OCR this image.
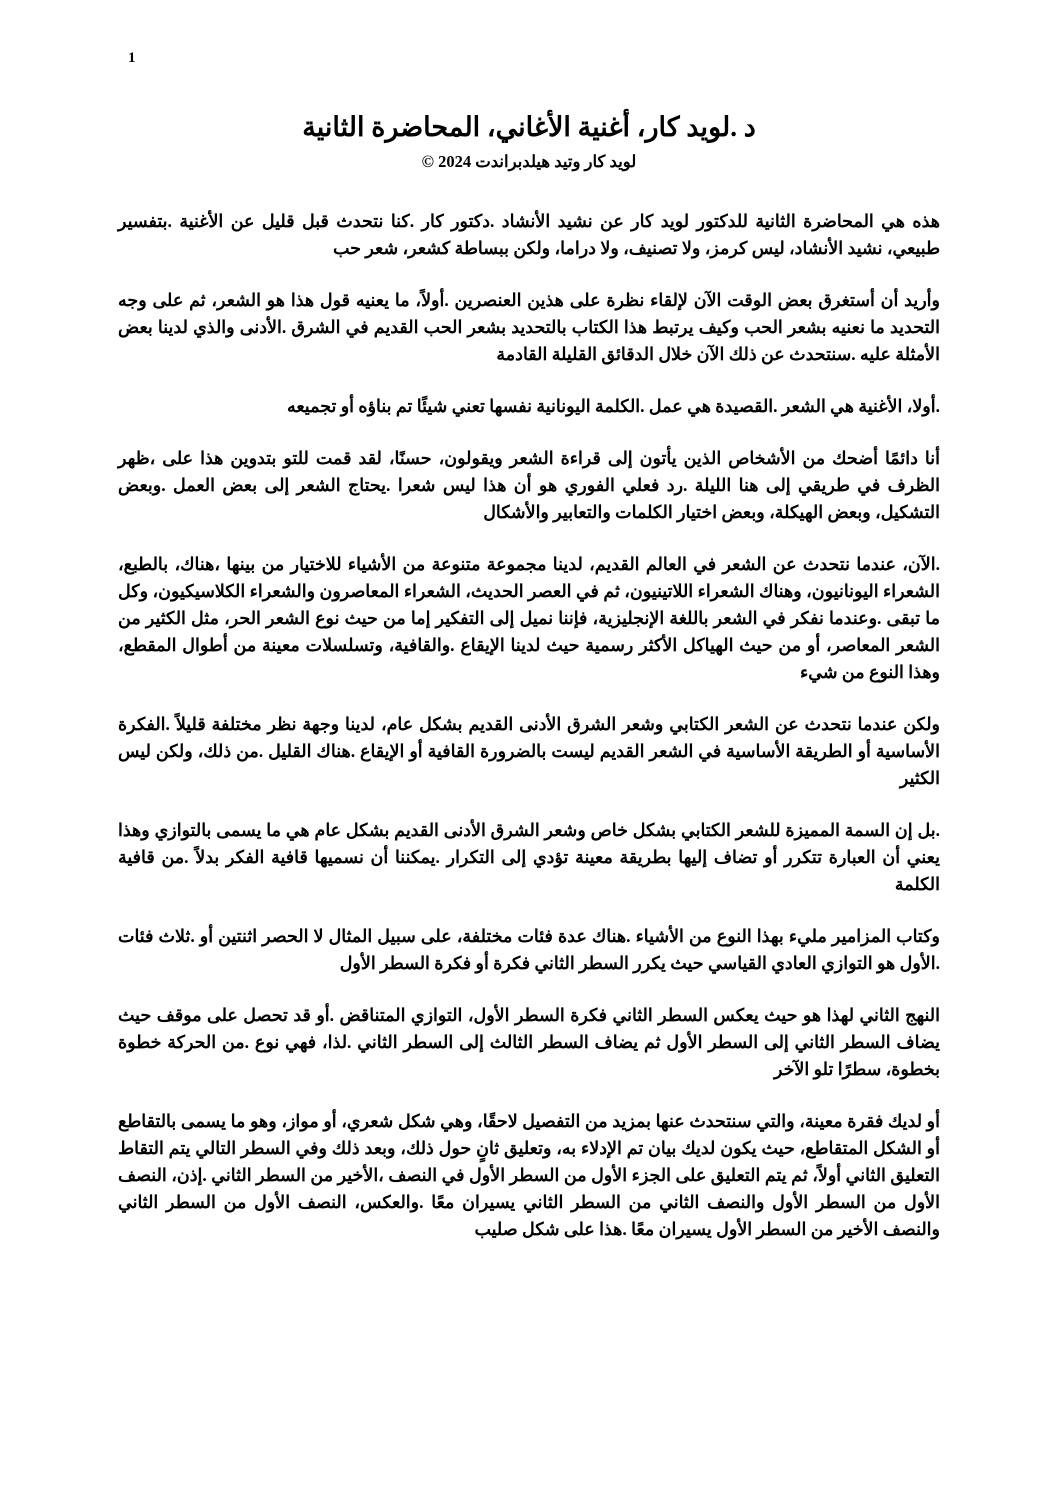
1
د .لويد كار، أغنية الأغاني، المحاضرة الثانية
لويد كار وتيد هيلدبراندت 2024 ©

هذه هي المحاضرة الثانية للدكتور لويد كار عن نشيد الأنشاد .دكتور كار .كنا نتحدث قبل قليل عن الأغنية .بتفسير طبيعي، نشيد الأنشاد، ليس كرمز، ولا تصنيف، ولا دراما، ولكن ببساطة كشعر، شعر حب

وأريد أن أستغرق بعض الوقت الآن لإلقاء نظرة على هذين العنصرين .أولاً، ما يعنيه قول هذا هو الشعر، ثم على وجه التحديد ما نعنيه بشعر الحب وكيف يرتبط هذا الكتاب بالتحديد بشعر الحب القديم في الشرق .الأدنى والذي لدينا بعض الأمثلة عليه .سنتحدث عن ذلك الآن خلال الدقائق القليلة القادمة

.أولا، الأغنية هي الشعر .القصيدة هي عمل .الكلمة اليونانية نفسها تعني شيئًا تم بناؤه أو تجميعه

أنا دائمًا أضحك من الأشخاص الذين يأتون إلى قراءة الشعر ويقولون، حسنًا، لقد قمت للتو بتدوين هذا على ،ظهر الظرف في طريقي إلى هنا الليلة .رد فعلي الفوري هو أن هذا ليس شعرا .يحتاج الشعر إلى بعض العمل .وبعض التشكيل، وبعض الهيكلة، وبعض اختيار الكلمات والتعابير والأشكال

.الآن، عندما نتحدث عن الشعر في العالم القديم، لدينا مجموعة متنوعة من الأشياء للاختيار من بينها ،هناك، بالطبع، الشعراء اليونانيون، وهناك الشعراء اللاتينيون، ثم في العصر الحديث، الشعراء المعاصرون والشعراء الكلاسيكيون، وكل ما تبقى .وعندما نفكر في الشعر باللغة الإنجليزية، فإننا نميل إلى التفكير إما من حيث نوع الشعر الحر، مثل الكثير من الشعر المعاصر، أو من حيث الهياكل الأكثر رسمية حيث لدينا الإيقاع .والقافية، وتسلسلات معينة من أطوال المقطع، وهذا النوع من شيء

ولكن عندما نتحدث عن الشعر الكتابي وشعر الشرق الأدنى القديم بشكل عام، لدينا وجهة نظر مختلفة قليلاً .الفكرة الأساسية أو الطريقة الأساسية في الشعر القديم ليست بالضرورة القافية أو الإيقاع .هناك القليل .من ذلك، ولكن ليس الكثير

.بل إن السمة المميزة للشعر الكتابي بشكل خاص وشعر الشرق الأدنى القديم بشكل عام هي ما يسمى بالتوازي وهذا يعني أن العبارة تتكرر أو تضاف إليها بطريقة معينة تؤدي إلى التكرار .يمكننا أن نسميها قافية الفكر بدلاً .من قافية الكلمة

وكتاب المزامير مليء بهذا النوع من الأشياء .هناك عدة فئات مختلفة، على سبيل المثال لا الحصر اثنتين أو .ثلاث فئات .الأول هو التوازي العادي القياسي حيث يكرر السطر الثاني فكرة أو فكرة السطر الأول

النهج الثاني لهذا هو حيث يعكس السطر الثاني فكرة السطر الأول، التوازي المتناقض .أو قد تحصل على موقف حيث يضاف السطر الثاني إلى السطر الأول ثم يضاف السطر الثالث إلى السطر الثاني .لذا، فهي نوع .من الحركة خطوة بخطوة، سطرًا تلو الآخر

أو لديك فقرة معينة، والتي سنتحدث عنها بمزيد من التفصيل لاحقًا، وهي شكل شعري، أو مواز، وهو ما يسمى بالتقاطع أو الشكل المتقاطع، حيث يكون لديك بيان تم الإدلاء به، وتعليق ثانٍ حول ذلك، وبعد ذلك وفي السطر التالي يتم التقاط التعليق الثاني أولاً، ثم يتم التعليق على الجزء الأول من السطر الأول في النصف ،الأخير من السطر الثاني .إذن، النصف الأول من السطر الأول والنصف الثاني من السطر الثاني يسيران معًا .والعكس، النصف الأول من السطر الثاني والنصف الأخير من السطر الأول يسيران معًا .هذا على شكل صليب
